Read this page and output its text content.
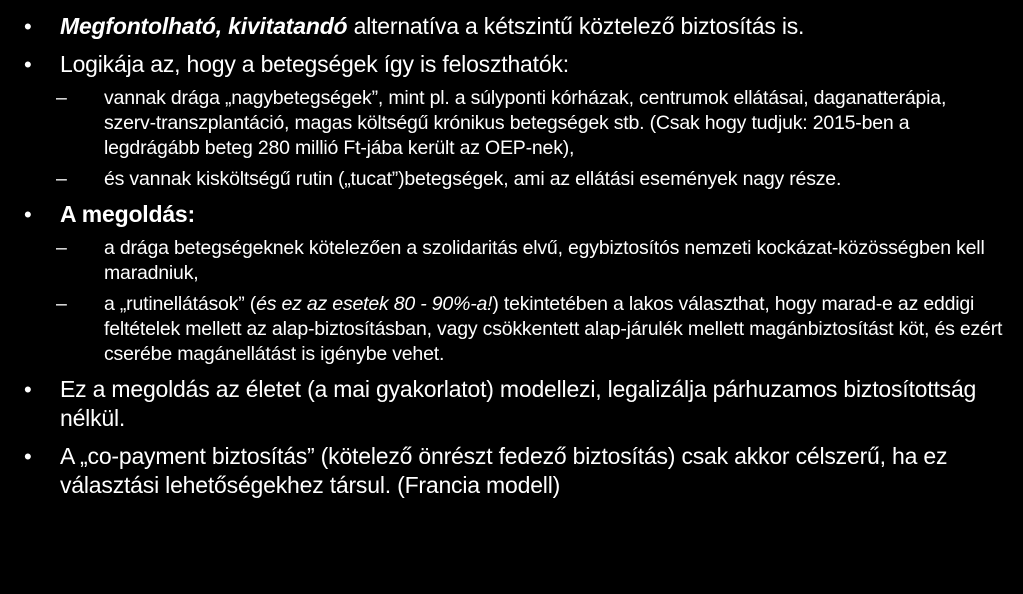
• Megfontolható, kivitatandó alternatíva a kétszintű köztelező biztosítás is.
• Logikája az, hogy a betegségek így is feloszthatók:
– vannak drága „nagybetegségek”, mint pl. a súlyponti kórházak, centrumok ellátásai, daganatterápia, szerv-transzplantáció, magas költségű krónikus betegségek stb. (Csak hogy tudjuk: 2015-ben a legdrágább beteg 280 millió Ft-jába került az OEP-nek),
– és vannak kisköltségű rutin („tucat”)betegségek, ami az ellátási események nagy része.
• A megoldás:
– a drága betegségeknek kötelezően a szolidaritás elvű, egybiztosítós nemzeti kockázat-közösségben kell maradniuk,
– a „rutinellátások” (és ez az esetek 80 - 90%-a!) tekintetében a lakos választhat, hogy marad-e az eddigi feltételek mellett az alap-biztosításban, vagy csökkentett alap-járulék mellett magánbiztosítást köt, és ezért cserébe magánellátást is igénybe vehet.
• Ez a megoldás az életet (a mai gyakorlatot) modellezi, legalizálja párhuzamos biztosítottság nélkül.
• A „co-payment biztosítás” (kötelező önrészt fedező biztosítás) csak akkor célszerű, ha ez választási lehetőségekhez társul. (Francia modell)
